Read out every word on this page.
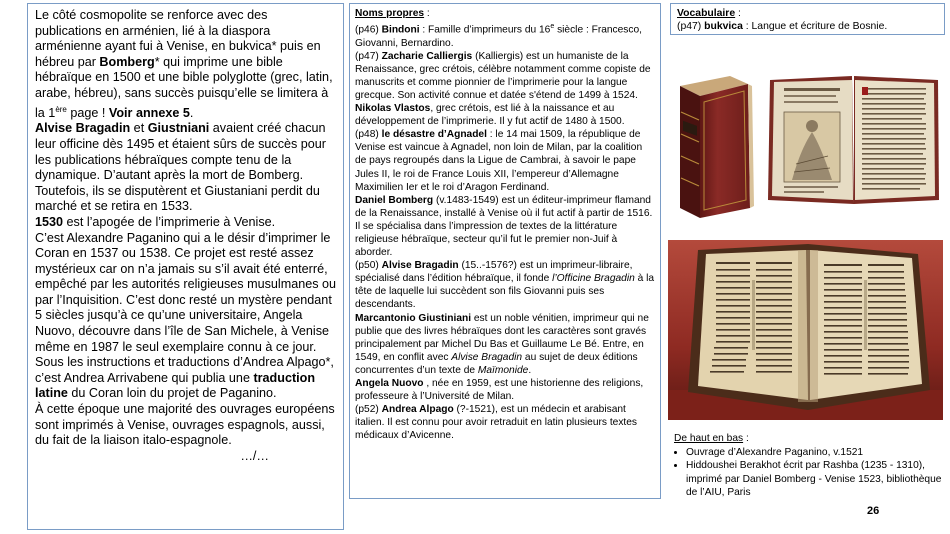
Le côté cosmopolite se renforce avec des publications en arménien, lié à la diaspora arménienne ayant fui à Venise, en bukvica* puis en hébreu par Bomberg* qui imprime une bible hébraïque en 1500 et une bible polyglotte (grec, latin, arabe, hébreu), sans succès puisqu’elle se limitera à la 1ère page ! Voir annexe 5.

Alvise Bragadin et Giustniani avaient créé chacun leur officine dès 1495 et étaient sûrs de succès pour les publications hébraïques compte tenu de la dynamique. D’autant après la mort de Bomberg. Toutefois, ils se disputèrent et Giustaniani perdit du marché et se retira en 1533.

1530 est l’apogée de l’imprimerie à Venise.

C’est Alexandre Paganino qui a le désir d’imprimer le Coran en 1537 ou 1538. Ce projet est resté assez mystérieux car on n’a jamais su s’il avait été enterré, empêché par les autorités religieuses musulmanes ou par l’Inquisition. C’est donc resté un mystère pendant 5 siècles jusqu’à ce qu’une universitaire, Angela Nuovo, découvre dans l’île de San Michele, à Venise même en 1987 le seul exemplaire connu à ce jour.

Sous les instructions et traductions d’Andrea Alpago*, c’est Andrea Arrivabene qui publia une traduction latine du Coran loin du projet de Paganino.

À cette époque une majorité des ouvrages européens sont imprimés à Venise, ouvrages espagnols, aussi, du fait de la liaison italo-espagnole.

…/…

Noms propres :

(p46) Bindoni : Famille d’imprimeurs du 16e siècle : Francesco, Giovanni, Bernardino.

(p47) Zacharie Calliergis (Kalliergis) est un humaniste de la Renaissance, grec crétois, célèbre notamment comme copiste de manuscrits et comme pionnier de l’imprimerie pour la langue grecque. Son activité connue et datée s'étend de 1499 à 1524.

Nikolas Vlastos, grec crétois, est lié à la naissance et au développement de l’imprimerie. Il y fut actif de 1480 à 1500.

(p48) le désastre d’Agnadel : le 14 mai 1509, la république de Venise est vaincue à Agnadel, non loin de Milan, par la coalition de pays regroupés dans la Ligue de Cambrai, à savoir le pape Jules II, le roi de France Louis XII, l’empereur d’Allemagne Maximilien Ier et le roi d’Aragon Ferdinand.

Daniel Bomberg (v.1483-1549) est un éditeur-imprimeur flamand de la Renaissance, installé à Venise où il fut actif à partir de 1516. Il se spécialisa dans l’impression de textes de la littérature religieuse hébraïque, secteur qu’il fut le premier non-Juif à aborder.

(p50) Alvise Bragadin (15..-1576?) est un imprimeur-libraire, spécialisé dans l’édition hébraïque, il fonde l’Officine Bragadin à la tête de laquelle lui succèdent son fils Giovanni puis ses descendants.

Marcantonio Giustiniani est un noble vénitien, imprimeur qui ne publie que des livres hébraïques dont les caractères sont gravés principalement par Michel Du Bas et Guillaume Le Bé. Entre, en 1549, en conflit avec Alvise Bragadin au sujet de deux éditions concurrentes d’un texte de Maïmonide.

Angela Nuovo , née en 1959, est une historienne des religions, professeure à l’Université de Milan.

(p52) Andrea Alpago (?-1521), est un médecin et arabisant italien. Il est connu pour avoir retraduit en latin plusieurs textes médicaux d’Avicenne.

Vocabulaire :

(p47) bukvica : Langue et écriture de Bosnie.

De haut en bas :

• Ouvrage d’Alexandre Paganino, v.1521
• Hiddoushei Berakhot écrit par Rashba (1235 - 1310), imprimé par Daniel Bomberg - Venise 1523, bibliothèque de l’AIU, Paris
26
